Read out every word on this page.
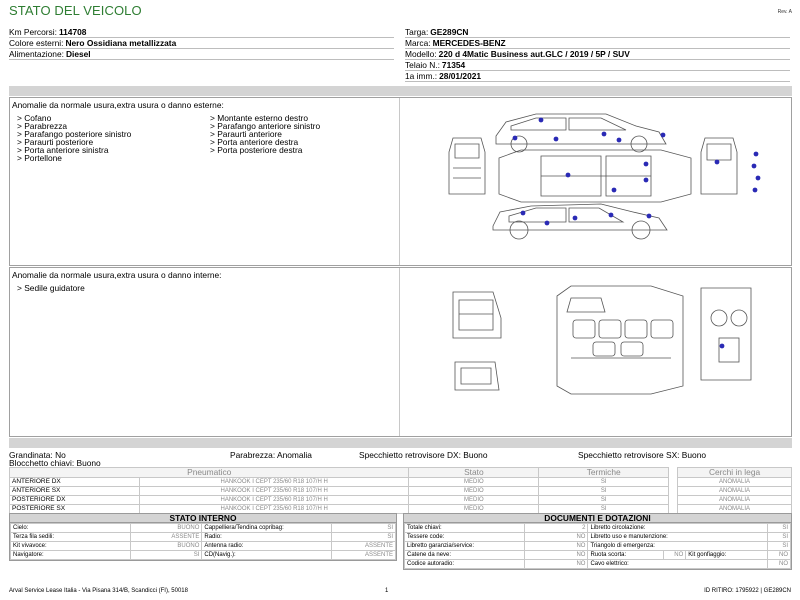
STATO DEL VEICOLO	Rev. A
Km Percorsi: 114708
Colore esterni: Nero Ossidiana metallizzata
Alimentazione: Diesel
Targa: GE289CN
Marca: MERCEDES-BENZ
Modello: 220 d 4Matic Business aut.GLC / 2019 / 5P / SUV
Telaio N.: 71354
1a imm.: 28/01/2021
Anomalie da normale usura,extra usura o danno esterne:
> Cofano
> Parabrezza
> Parafango posteriore sinistro
> Paraurti posteriore
> Porta anteriore sinistra
> Portellone
> Montante esterno destro
> Parafango anteriore sinistro
> Paraurti anteriore
> Porta anteriore destra
> Porta posteriore destra
Anomalie da normale usura,extra usura o danno interne:
> Sedile guidatore
Grandinata: No	Parabrezza: Anomalia	Specchietto retrovisore DX: Buono	Specchietto retrovisore SX: Buono
Blocchetto chiavi: Buono
Pneumatico		Stato	Termiche		Cerchi in lega
ANTERIORE DX	HANKOOK I CEPT 235/60 R18 107/H H	MEDIO	SI		ANOMALIA
ANTERIORE SX	HANKOOK I CEPT 235/60 R18 107/H H	MEDIO	SI		ANOMALIA
POSTERIORE DX	HANKOOK I CEPT 235/60 R18 107/H H	MEDIO	SI		ANOMALIA
POSTERIORE SX	HANKOOK I CEPT 235/60 R18 107/H H	MEDIO	SI		ANOMALIA
STATO INTERNO
Cielo:	BUONO	Cappelliera/Tendina copribag:	SI
Terza fila sedili:	ASSENTE	Radio:	SI
Kit vivavoce:	BUONO	Antenna radio:	ASSENTE
Navigatore:	SI	CD(Navig.):	ASSENTE
DOCUMENTI E DOTAZIONI
Totale chiavi:	2	Libretto circolazione:			SI
Tessere code:	NO	Libretto uso e manutenzione:			SI
Libretto garanzia/service:	NO	Triangolo di emergenza:			SI
Catene da neve:	NO	Ruota scorta:	NO	Kit gonfiaggio:	NO
Codice autoradio:	NO	Cavo elettrico:			NO
Arval Service Lease Italia - Via Pisana 314/B, Scandicci (FI), 50018	1	ID RITIRO: 1795922 | GE289CN
